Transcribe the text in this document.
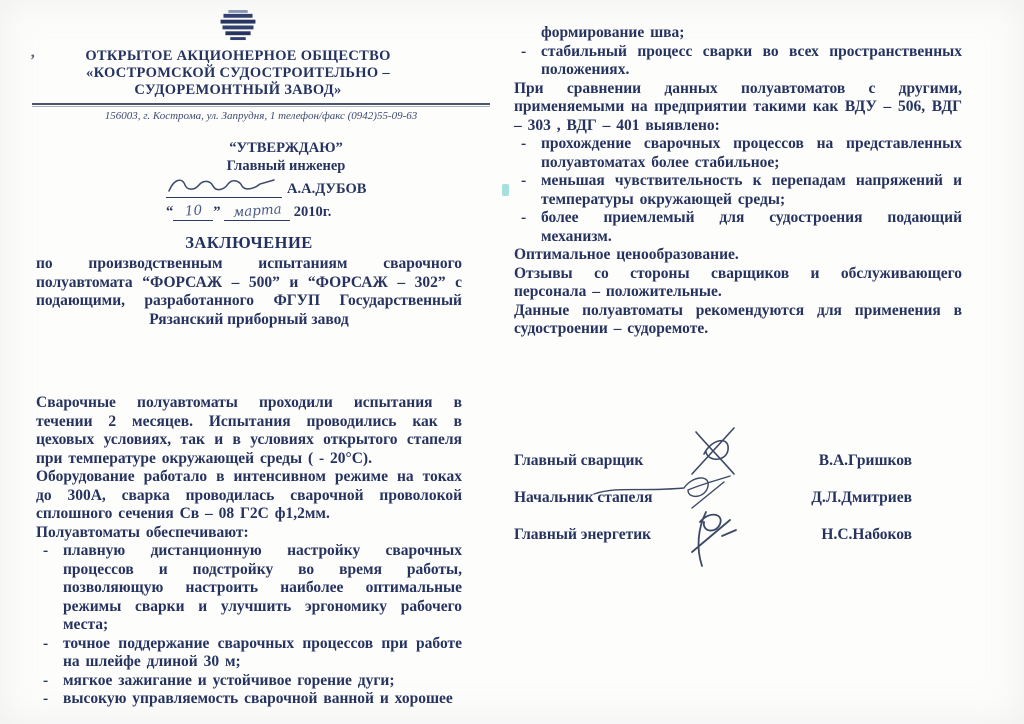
ОТКРЫТОЕ АКЦИОНЕРНОЕ ОБЩЕСТВО
«КОСТРОМСКОЙ СУДОСТРОИТЕЛЬНО –
СУДОРЕМОНТНЫЙ ЗАВОД»
156003, г. Кострома, ул. Запрудня, 1 телефон/факс (0942)55-09-63
’
“УТВЕРЖДАЮ”
Главный инженер
А.А.ДУБОВ
“ 10 ” марта 2010г.
ЗАКЛЮЧЕНИЕ
по производственным испытаниям сварочного
полуавтомата “ФОРСАЖ – 500” и “ФОРСАЖ – 302” с
подающими, разработанного ФГУП Государственный
Рязанский приборный завод

Сварочные полуавтоматы проходили испытания в течении 2 месяцев. Испытания проводились как в цеховых условиях, так и в условиях открытого стапеля при температуре окружающей среды ( - 20°С).

Оборудование работало в интенсивном режиме на токах до 300А, сварка проводилась сварочной проволокой сплошного сечения Св – 08 Г2С ф1,2мм.

Полуавтоматы обеспечивают:

- плавную дистанционную настройку сварочных процессов и подстройку во время работы, позволяющую настроить наиболее оптимальные режимы сварки и улучшить эргономику рабочего места;
- точное поддержание сварочных процессов при работе на шлейфе длиной 30 м;
- мягкое зажигание и устойчивое горение дуги;
- высокую управляемость сварочной ванной и хорошее
формирование шва;
- стабильный процесс сварки во всех пространственных положениях.

При сравнении данных полуавтоматов с другими, применяемыми на предприятии такими как ВДУ – 506, ВДГ – 303 , ВДГ – 401 выявлено:

- прохождение сварочных процессов на представленных полуавтоматах более стабильное;
- меньшая чувствительность к перепадам напряжений и температуры окружающей среды;
- более приемлемый для судостроения подающий механизм.

Оптимальное ценообразование.

Отзывы со стороны сварщиков и обслуживающего персонала – положительные.

Данные полуавтоматы рекомендуются для применения в судостроении – судоремоте.

Главный сварщик	В.А.Гришков
Начальник стапеля	Д.Л.Дмитриев
Главный энергетик	Н.С.Набоков
